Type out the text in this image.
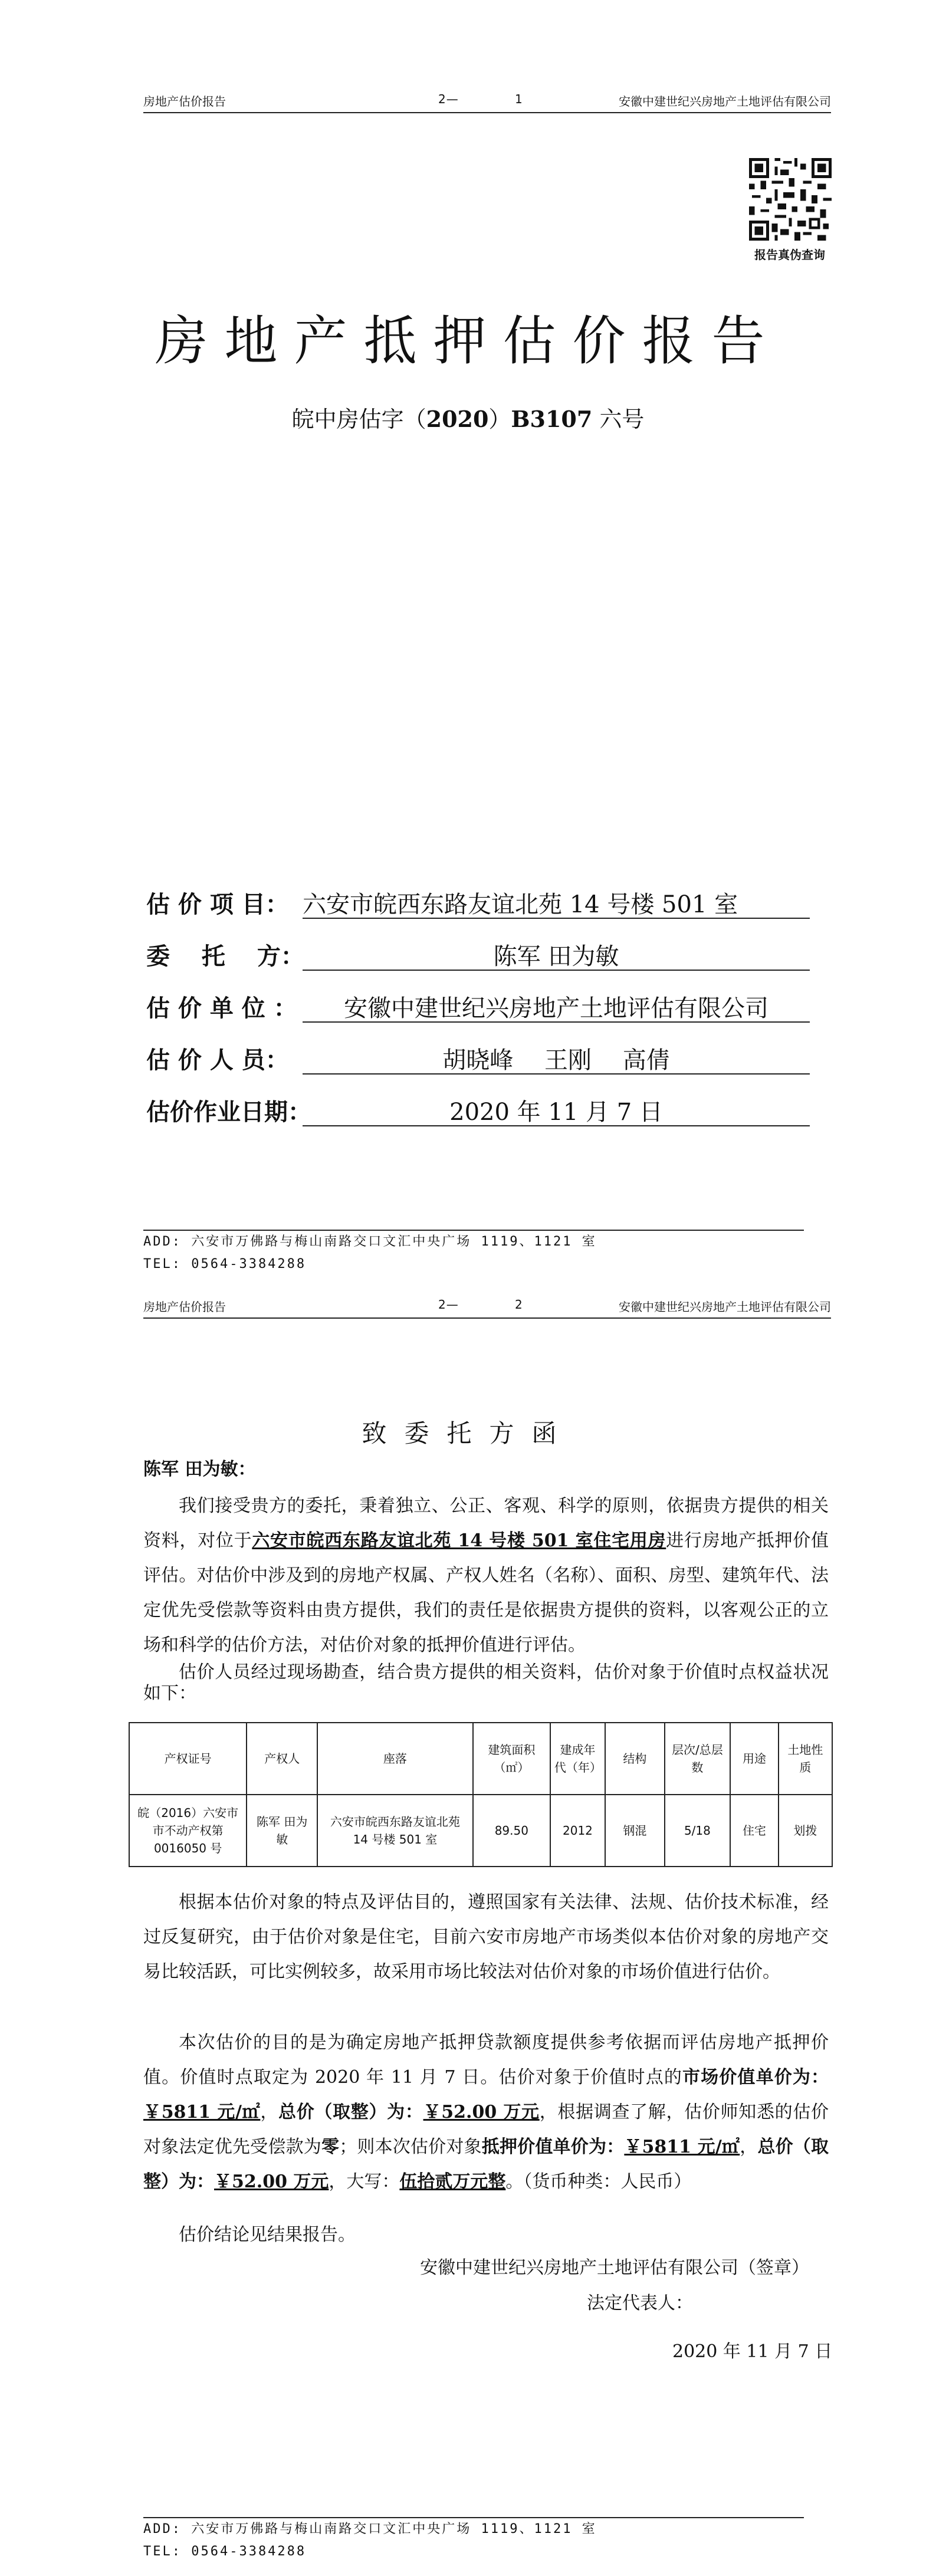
房地产估价报告	2—	1	安徽中建世纪兴房地产土地评估有限公司
报告真伪查询
房地产抵押估价报告
皖中房估字（2020）B3107 六号
估 价 项 目： 六安市皖西东路友谊北苑 14 号楼 501 室
委　 托　 方：	陈军 田为敏
估 价 单 位 ：	安徽中建世纪兴房地产土地评估有限公司
估 价 人 员：	胡晓峰　 王刚　 高倩
估价作业日期：	2020 年 11 月 7 日
ADD: 六安市万佛路与梅山南路交口文汇中央广场 1119、1121 室
TEL: 0564-3384288
房地产估价报告	2—	2	安徽中建世纪兴房地产土地评估有限公司
致委托方函
陈军 田为敏：
我们接受贵方的委托，秉着独立、公正、客观、科学的原则，依据贵方提供的相关资料，对位于六安市皖西东路友谊北苑 14 号楼 501 室住宅用房进行房地产抵押价值评估。对估价中涉及到的房地产权属、产权人姓名（名称）、面积、房型、建筑年代、法定优先受偿款等资料由贵方提供，我们的责任是依据贵方提供的资料，以客观公正的立场和科学的估价方法，对估价对象的抵押价值进行评估。
估价人员经过现场勘查，结合贵方提供的相关资料，估价对象于价值时点权益状况如下：
产权证号	产权人	座落	建筑面积（㎡）	建成年代（年）	结构	层次/总层数	用途	土地性质
皖（2016）六安市市不动产权第 0016050 号	陈军 田为敏	六安市皖西东路友谊北苑 14 号楼 501 室	89.50	2012	钢混	5/18	住宅	划拨
根据本估价对象的特点及评估目的，遵照国家有关法律、法规、估价技术标准，经过反复研究，由于估价对象是住宅，目前六安市房地产市场类似本估价对象的房地产交易比较活跃，可比实例较多，故采用市场比较法对估价对象的市场价值进行估价。
本次估价的目的是为确定房地产抵押贷款额度提供参考依据而评估房地产抵押价值。价值时点取定为 2020 年 11 月 7 日。估价对象于价值时点的市场价值单价为：￥5811 元/㎡，总价（取整）为：￥52.00 万元，根据调查了解，估价师知悉的估价对象法定优先受偿款为零；则本次估价对象抵押价值单价为：￥5811 元/㎡，总价（取整）为：￥52.00 万元，大写：伍拾贰万元整。（货币种类：人民币）
估价结论见结果报告。
安徽中建世纪兴房地产土地评估有限公司（签章）
法定代表人：
2020 年 11 月 7 日
ADD: 六安市万佛路与梅山南路交口文汇中央广场 1119、1121 室
TEL: 0564-3384288
